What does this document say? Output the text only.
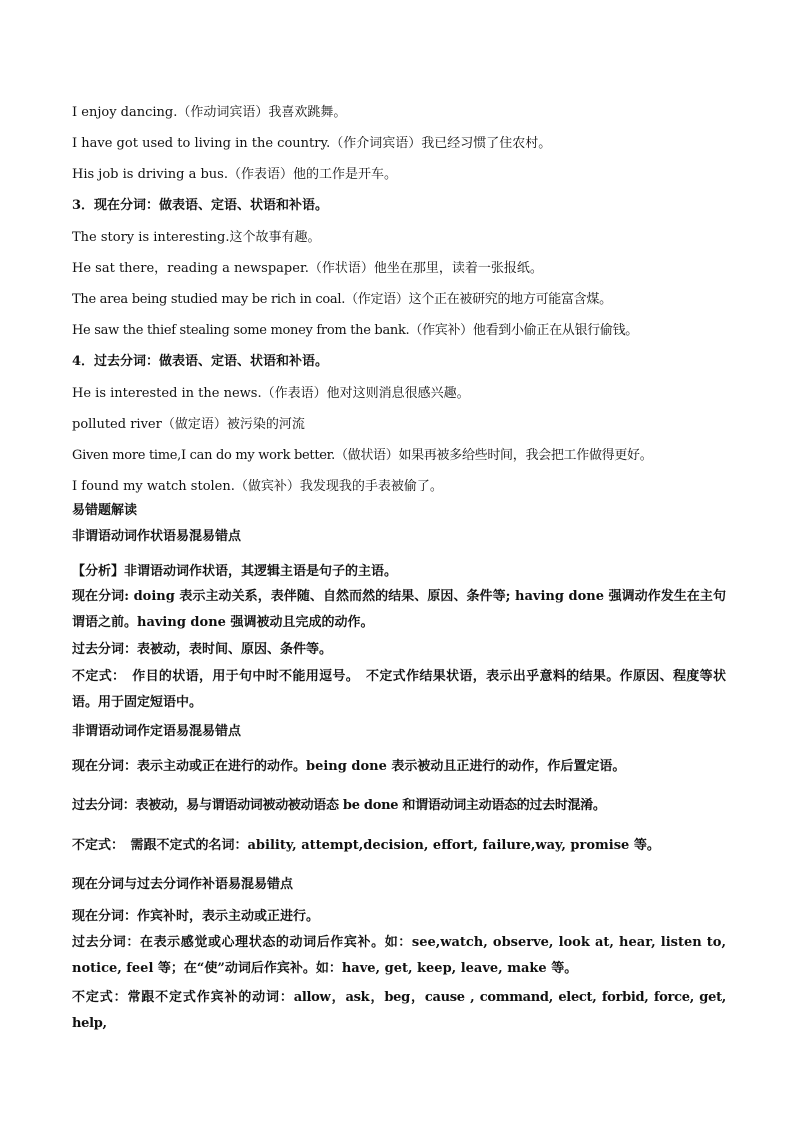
I enjoy dancing.（作动词宾语）我喜欢跳舞。
I have got used to living in the country.（作介词宾语）我已经习惯了住农村。
His job is driving a bus.（作表语）他的工作是开车。
3．现在分词：做表语、定语、状语和补语。
The story is interesting.这个故事有趣。
He sat there，reading a newspaper.（作状语）他坐在那里，读着一张报纸。
The area being studied may be rich in coal.（作定语）这个正在被研究的地方可能富含煤。
He saw the thief stealing some money from the bank.（作宾补）他看到小偷正在从银行偷钱。
4．过去分词：做表语、定语、状语和补语。
He is interested in the news.（作表语）他对这则消息很感兴趣。
polluted river（做定语）被污染的河流
Given more time,I can do my work better.（做状语）如果再被多给些时间，我会把工作做得更好。
I found my watch stolen.（做宾补）我发现我的手表被偷了。
易错题解读
非谓语动词作状语易混易错点
【分析】非谓语动词作状语，其逻辑主语是句子的主语。
现在分词: doing 表示主动关系，表伴随、自然而然的结果、原因、条件等; having done 强调动作发生在主句谓语之前。having done 强调被动且完成的动作。
过去分词：表被动，表时间、原因、条件等。
不定式：　作目的状语，用于句中时不能用逗号。　不定式作结果状语，表示出乎意料的结果。作原因、程度等状语。用于固定短语中。
非谓语动词作定语易混易错点
现在分词：表示主动或正在进行的动作。being done 表示被动且正进行的动作，作后置定语。
过去分词：表被动，易与谓语动词被动被动语态 be done 和谓语动词主动语态的过去时混淆。
不定式：　需跟不定式的名词：ability, attempt,decision, effort, failure,way, promise 等。
现在分词与过去分词作补语易混易错点
现在分词：作宾补时，表示主动或正进行。
过去分词：在表示感觉或心理状态的动词后作宾补。如：see,watch, observe, look at, hear, listen to, notice, feel 等；在“使”动词后作宾补。如：have, get, keep, leave, make 等。
不定式：常跟不定式作宾补的动词：allow，ask，beg，cause , command, elect, forbid, force, get, help,
